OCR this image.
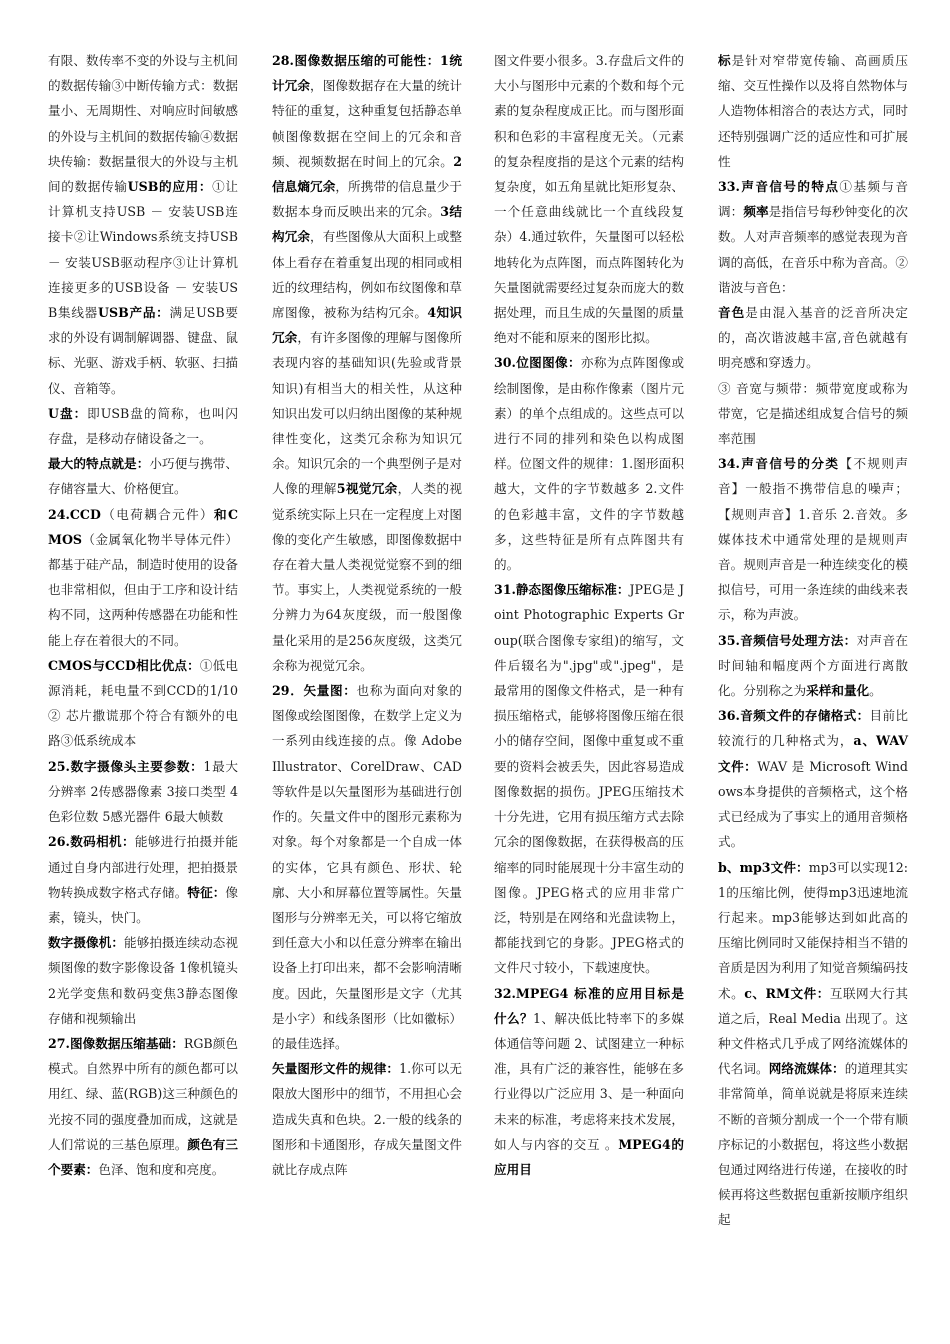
有限、数传率不变的外设与主机间的数据传输③中断传输方式：数据量小、无周期性、对响应时间敏感的外设与主机间的数据传输④数据块传输：数据量很大的外设与主机间的数据传输USB的应用：①让计算机支持USB － 安装USB连接卡②让Windows系统支持USB － 安装USB驱动程序③让计算机连接更多的USB设备 － 安装USB集线器USB产品：满足USB要求的外设有调制解调器、键盘、鼠标、光驱、游戏手柄、软驱、扫描仪、音箱等。

U盘：即USB盘的简称，也叫闪存盘，是移动存储设备之一。

最大的特点就是：小巧便与携带、存储容量大、价格便宜。

24.CCD（电荷耦合元件）和CMOS（金属氧化物半导体元件）都基于硅产品，制造时使用的设备也非常相似，但由于工序和设计结构不同，这两种传感器在功能和性能上存在着很大的不同。

CMOS与CCD相比优点：①低电源消耗，耗电量不到CCD的1/10② 芯片撒谎那个符合有额外的电路③低系统成本

25.数字摄像头主要参数：1最大分辨率 2传感器像素 3接口类型 4色彩位数 5感光器件 6最大帧数

26.数码相机：能够进行拍摄并能通过自身内部进行处理，把拍摄景物转换成数字格式存储。特征：像素，镜头，快门。

数字摄像机：能够拍摄连续动态视频图像的数字影像设备 1像机镜头2光学变焦和数码变焦3静态图像存储和视频输出

27.图像数据压缩基础：RGB颜色模式。自然界中所有的颜色都可以用红、绿、蓝(RGB)这三种颜色的光按不同的强度叠加而成，这就是人们常说的三基色原理。颜色有三个要素：色泽、饱和度和亮度。

28.图像数据压缩的可能性：1统计冗余，图像数据存在大量的统计特征的重复，这种重复包括静态单帧图像数据在空间上的冗余和音频、视频数据在时间上的冗余。2信息熵冗余，所携带的信息量少于数据本身而反映出来的冗余。3结构冗余，有些图像从大面积上或整体上看存在着重复出现的相同或相近的纹理结构，例如布纹图像和草席图像，被称为结构冗余。4知识冗余，有许多图像的理解与图像所表现内容的基础知识(先验或背景知识)有相当大的相关性，从这种知识出发可以归纳出图像的某种规律性变化，这类冗余称为知识冗余。知识冗余的一个典型例子是对人像的理解5视觉冗余，人类的视觉系统实际上只在一定程度上对图像的变化产生敏感，即图像数据中存在着大量人类视觉觉察不到的细节。事实上，人类视觉系统的一般分辨力为64灰度级，而一般图像量化采用的是256灰度级，这类冗余称为视觉冗余。

29．矢量图：也称为面向对象的图像或绘图图像，在数学上定义为一系列由线连接的点。像 Adobe Illustrator、CorelDraw、CAD等软件是以矢量图形为基础进行创作的。矢量文件中的图形元素称为对象。每个对象都是一个自成一体的实体，它具有颜色、形状、轮廓、大小和屏幕位置等属性。矢量图形与分辨率无关，可以将它缩放到任意大小和以任意分辨率在输出设备上打印出来，都不会影响清晰度。因此，矢量图形是文字（尤其是小字）和线条图形（比如徽标）的最佳选择。

矢量图形文件的规律：1.你可以无限放大图形中的细节，不用担心会造成失真和色块。2.一般的线条的图形和卡通图形，存成矢量图文件就比存成点阵

图文件要小很多。3.存盘后文件的大小与图形中元素的个数和每个元素的复杂程度成正比。而与图形面积和色彩的丰富程度无关。（元素的复杂程度指的是这个元素的结构复杂度，如五角星就比矩形复杂、一个任意曲线就比一个直线段复杂）4.通过软件，矢量图可以轻松地转化为点阵图，而点阵图转化为矢量图就需要经过复杂而庞大的数据处理，而且生成的矢量图的质量绝对不能和原来的图形比拟。

30.位图图像：亦称为点阵图像或绘制图像，是由称作像素（图片元素）的单个点组成的。这些点可以进行不同的排列和染色以构成图样。位图文件的规律：1.图形面积越大，文件的字节数越多 2.文件的色彩越丰富，文件的字节数越多，这些特征是所有点阵图共有的。

31.静态图像压缩标准：JPEG是 Joint Photographic Experts Group(联合图像专家组)的缩写，文件后辍名为".jpg"或".jpeg"，是最常用的图像文件格式，是一种有损压缩格式，能够将图像压缩在很小的储存空间，图像中重复或不重要的资料会被丢失，因此容易造成图像数据的损伤。JPEG压缩技术十分先进，它用有损压缩方式去除冗余的图像数据，在获得极高的压缩率的同时能展现十分丰富生动的图像。JPEG格式的应用非常广泛，特别是在网络和光盘读物上，都能找到它的身影。JPEG格式的文件尺寸较小，下载速度快。

32.MPEG4 标准的应用目标是什么？1、解决低比特率下的多媒体通信等问题 2、试图建立一种标准，具有广泛的兼容性，能够在多行业得以广泛应用 3、是一种面向未来的标准，考虑将来技术发展，如人与内容的交互 。MPEG4的应用目

标是针对窄带宽传输、高画质压缩、交互性操作以及将自然物体与人造物体相溶合的表达方式，同时还特别强调广泛的适应性和可扩展性

33.声音信号的特点①基频与音调：频率是指信号每秒钟变化的次数。人对声音频率的感觉表现为音调的高低，在音乐中称为音高。②谐波与音色：

音色是由混入基音的泛音所决定的，高次谐波越丰富,音色就越有明亮感和穿透力。

③ 音宽与频带：频带宽度或称为带宽，它是描述组成复合信号的频率范围

34.声音信号的分类【不规则声音】一般指不携带信息的噪声；【规则声音】1.音乐 2.音效。多媒体技术中通常处理的是规则声音。规则声音是一种连续变化的模拟信号，可用一条连续的曲线来表示，称为声波。

35.音频信号处理方法：对声音在时间轴和幅度两个方面进行离散化。分别称之为采样和量化。

36.音频文件的存储格式：目前比较流行的几种格式为，a、WAV 文件：WAV 是 Microsoft Windows本身提供的音频格式，这个格式已经成为了事实上的通用音频格式。

b、mp3文件：mp3可以实现12:1的压缩比例，使得mp3迅速地流行起来。mp3能够达到如此高的压缩比例同时又能保持相当不错的音质是因为利用了知觉音频编码技术。c、RM文件：互联网大行其道之后，Real Media 出现了。这种文件格式几乎成了网络流媒体的代名词。网络流媒体：的道理其实非常简单，简单说就是将原来连续不断的音频分割成一个一个带有顺序标记的小数据包，将这些小数据包通过网络进行传递，在接收的时候再将这些数据包重新按顺序组织起
